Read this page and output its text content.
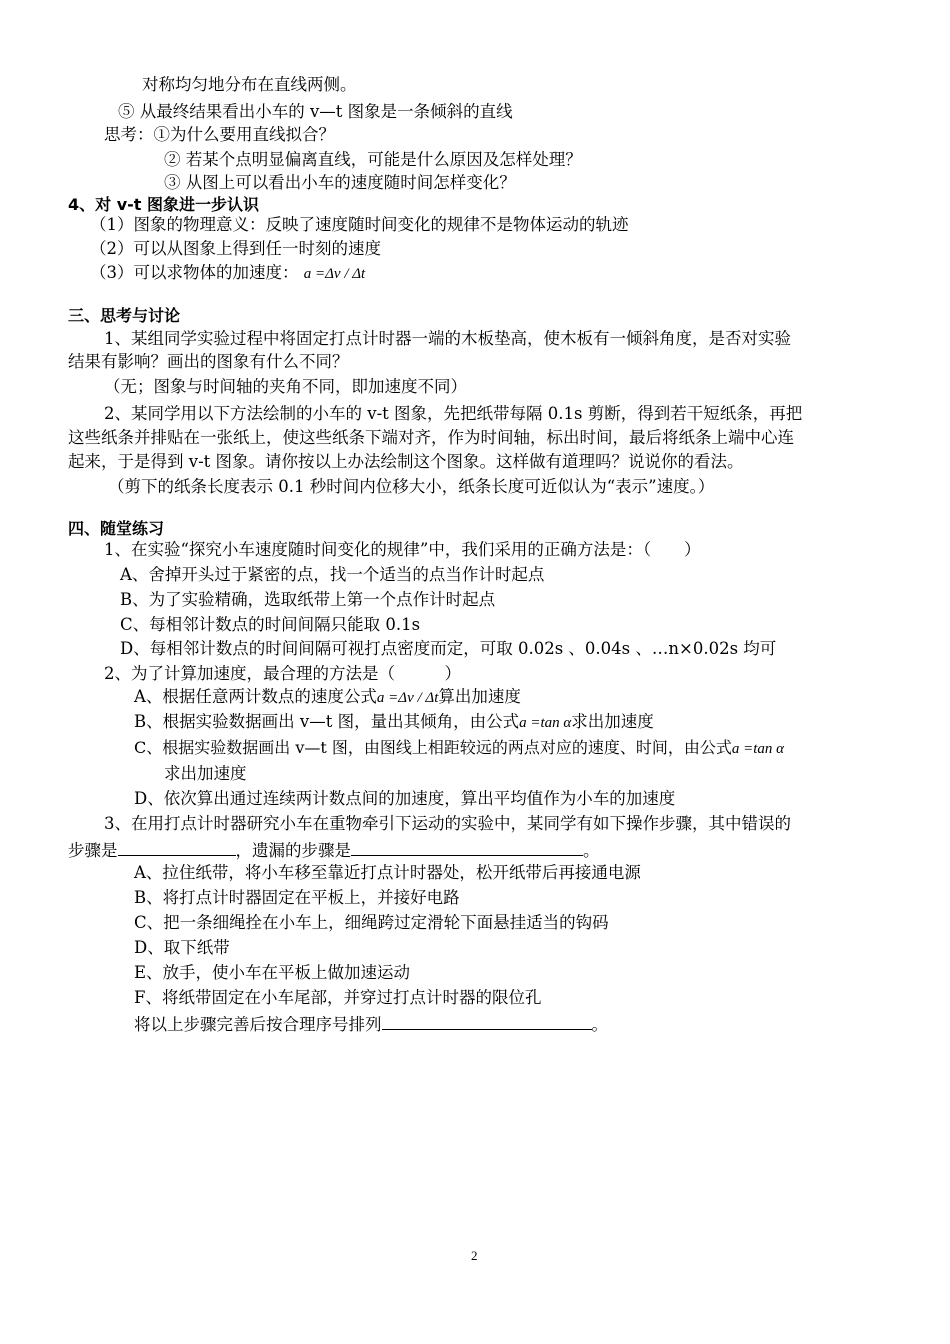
对称均匀地分布在直线两侧。
⑤ 从最终结果看出小车的 v—t 图象是一条倾斜的直线
思考：①为什么要用直线拟合？
② 若某个点明显偏离直线，可能是什么原因及怎样处理？
③ 从图上可以看出小车的速度随时间怎样变化？
4、对 v-t 图象进一步认识
（1）图象的物理意义：反映了速度随时间变化的规律不是物体运动的轨迹
（2）可以从图象上得到任一时刻的速度
（3）可以求物体的加速度： a =Δv / Δt
三、思考与讨论
1、某组同学实验过程中将固定打点计时器一端的木板垫高，使木板有一倾斜角度，是否对实验
结果有影响？画出的图象有什么不同？
（无；图象与时间轴的夹角不同，即加速度不同）
2、某同学用以下方法绘制的小车的 v-t 图象，先把纸带每隔 0.1s 剪断，得到若干短纸条，再把
这些纸条并排贴在一张纸上，使这些纸条下端对齐，作为时间轴，标出时间，最后将纸条上端中心连
起来，于是得到 v-t 图象。请你按以上办法绘制这个图象。这样做有道理吗？说说你的看法。
（剪下的纸条长度表示 0.1 秒时间内位移大小，纸条长度可近似认为“表示”速度。）
四、随堂练习
1、在实验“探究小车速度随时间变化的规律”中，我们采用的正确方法是：（　　）
A、舍掉开头过于紧密的点，找一个适当的点当作计时起点
B、为了实验精确，选取纸带上第一个点作计时起点
C、每相邻计数点的时间间隔只能取 0.1s
D、每相邻计数点的时间间隔可视打点密度而定，可取 0.02s 、0.04s 、…n×0.02s 均可
2、为了计算加速度，最合理的方法是（　　　）
A、根据任意两计数点的速度公式a =Δv / Δt算出加速度
B、根据实验数据画出 v—t 图，量出其倾角，由公式a =tan α求出加速度
C、根据实验数据画出 v—t 图，由图线上相距较远的两点对应的速度、时间，由公式a =tan α
求出加速度
D、依次算出通过连续两计数点间的加速度，算出平均值作为小车的加速度
3、在用打点计时器研究小车在重物牵引下运动的实验中，某同学有如下操作步骤，其中错误的
步骤是	，遗漏的步骤是	。
A、拉住纸带，将小车移至靠近打点计时器处，松开纸带后再接通电源
B、将打点计时器固定在平板上，并接好电路
C、把一条细绳拴在小车上，细绳跨过定滑轮下面悬挂适当的钩码
D、取下纸带
E、放手，使小车在平板上做加速运动
F、将纸带固定在小车尾部，并穿过打点计时器的限位孔
将以上步骤完善后按合理序号排列	。
2
